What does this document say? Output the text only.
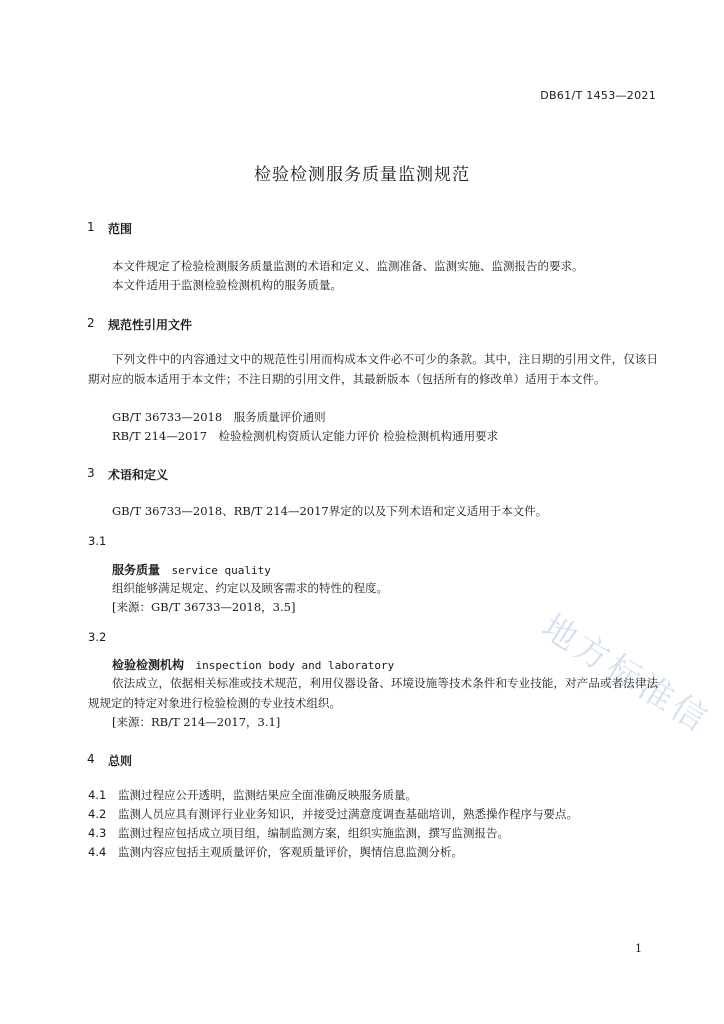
DB61/T 1453—2021
检验检测服务质量监测规范
地方标准信
1 范围
本文件规定了检验检测服务质量监测的术语和定义、监测准备、监测实施、监测报告的要求。
本文件适用于监测检验检测机构的服务质量。
2 规范性引用文件
下列文件中的内容通过文中的规范性引用而构成本文件必不可少的条款。其中，注日期的引用文件，仅该日期对应的版本适用于本文件；不注日期的引用文件，其最新版本（包括所有的修改单）适用于本文件。
GB/T 36733—2018　服务质量评价通则
RB/T 214—2017　检验检测机构资质认定能力评价 检验检测机构通用要求
3 术语和定义
GB/T 36733—2018、RB/T 214—2017界定的以及下列术语和定义适用于本文件。
3.1
服务质量　 service quality
组织能够满足规定、约定以及顾客需求的特性的程度。
[来源：GB/T 36733—2018，3.5]
3.2
检验检测机构　 inspection body and laboratory
依法成立，依据相关标准或技术规范，利用仪器设备、环境设施等技术条件和专业技能，对产品或者法律法规规定的特定对象进行检验检测的专业技术组织。
[来源：RB/T 214—2017，3.1]
4 总则
4.1 监测过程应公开透明，监测结果应全面准确反映服务质量。
4.2 监测人员应具有测评行业业务知识，并接受过满意度调查基础培训，熟悉操作程序与要点。
4.3 监测过程应包括成立项目组，编制监测方案，组织实施监测，撰写监测报告。
4.4 监测内容应包括主观质量评价，客观质量评价，舆情信息监测分析。
1
